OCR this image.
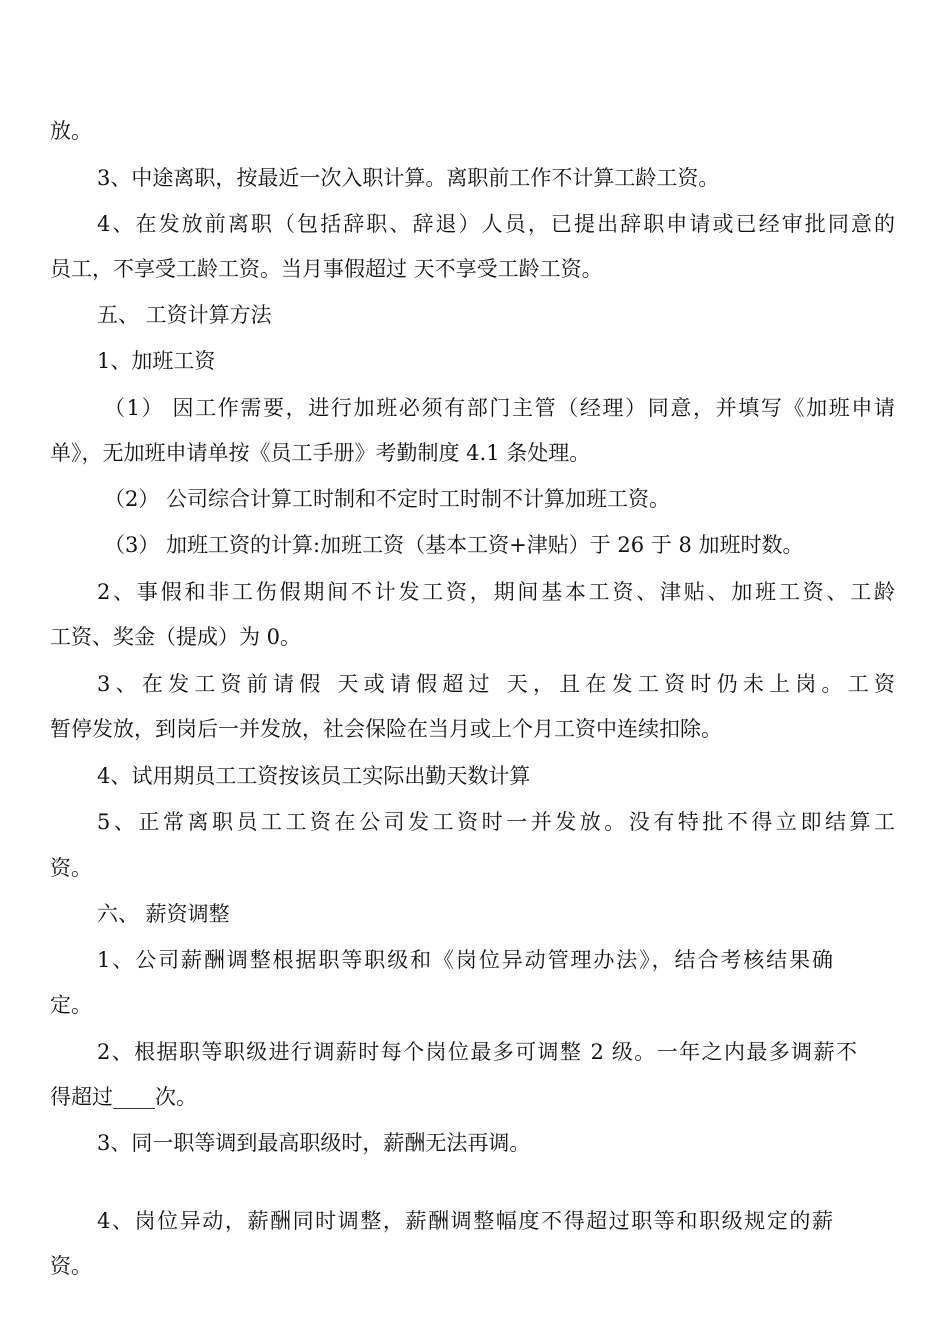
放。
3、中途离职，按最近一次入职计算。离职前工作不计算工龄工资。
4、在发放前离职（包括辞职、辞退）人员，已提出辞职申请或已经审批同意的
员工，不享受工龄工资。当月事假超过 天不享受工龄工资。
五、 工资计算方法
1、加班工资
（1） 因工作需要，进行加班必须有部门主管（经理）同意，并填写《加班申请
单》，无加班申请单按《员工手册》考勤制度 4.1 条处理。
（2） 公司综合计算工时制和不定时工时制不计算加班工资。
（3） 加班工资的计算:加班工资（基本工资+津贴）于 26 于 8 加班时数。
2、事假和非工伤假期间不计发工资，期间基本工资、津贴、加班工资、工龄
工资、奖金（提成）为 0。
3、在发工资前请假 天或请假超过 天，且在发工资时仍未上岗。工资
暂停发放，到岗后一并发放，社会保险在当月或上个月工资中连续扣除。
4、试用期员工工资按该员工实际出勤天数计算
5、正常离职员工工资在公司发工资时一并发放。没有特批不得立即结算工
资。
六、 薪资调整
1、公司薪酬调整根据职等职级和《岗位异动管理办法》，结合考核结果确
定。
2、根据职等职级进行调薪时每个岗位最多可调整 2 级。一年之内最多调薪不
得超过____次。
3、同一职等调到最高职级时，薪酬无法再调。
4、岗位异动，薪酬同时调整，薪酬调整幅度不得超过职等和职级规定的薪
资。
